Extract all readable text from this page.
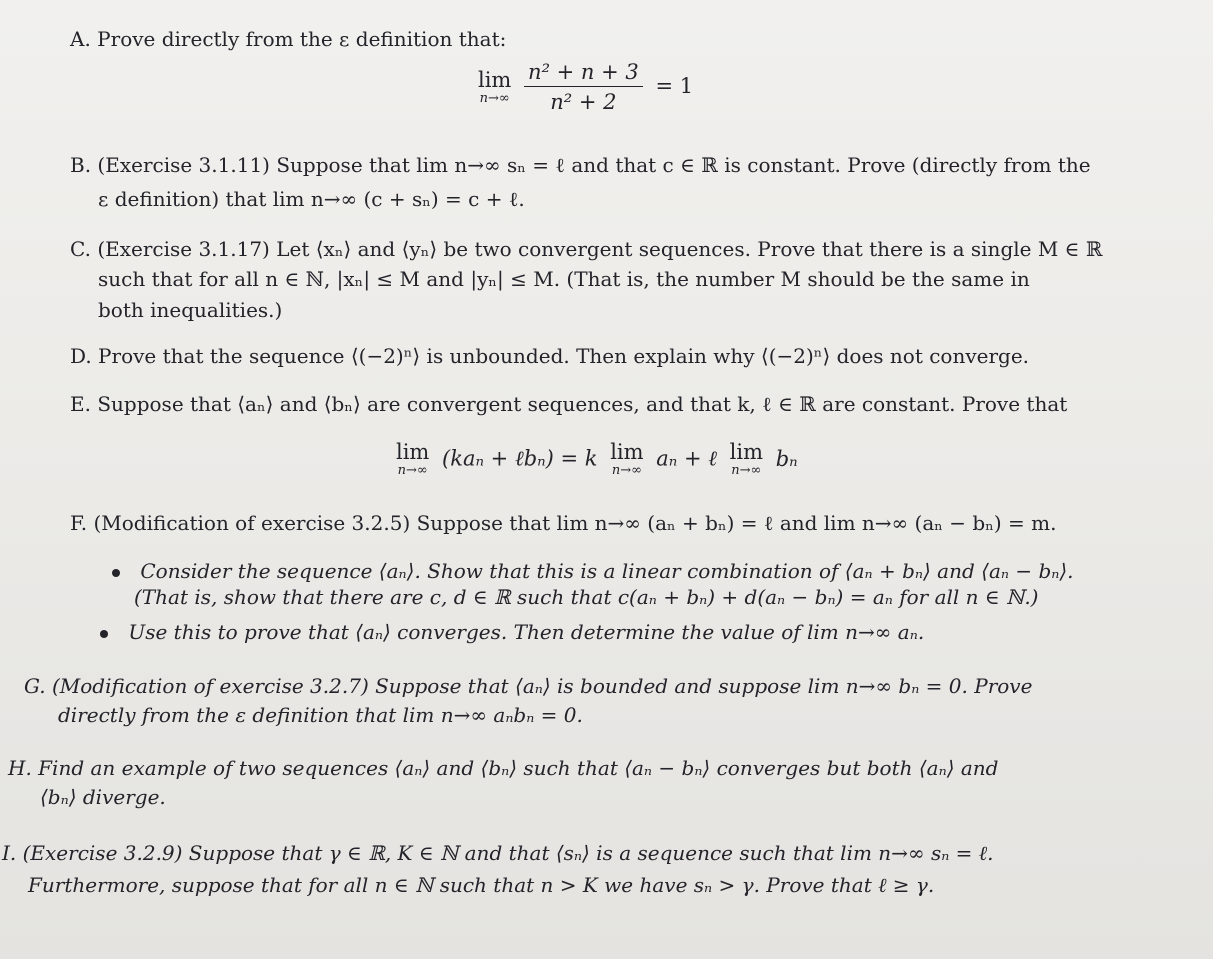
A. Prove directly from the ε definition that:
lim
n→∞
$\frac{\text{n² + n + 3}}{\text{n² + 2}} = 1$
B. (Exercise 3.1.11) Suppose that lim n→∞ sₙ = ℓ and that c ∈ ℝ is constant. Prove (directly from the
ε definition) that lim n→∞ (c + sₙ) = c + ℓ.
C. (Exercise 3.1.17) Let ⟨xₙ⟩ and ⟨yₙ⟩ be two convergent sequences. Prove that there is a single M ∈ ℝ
such that for all n ∈ ℕ, |xₙ| ≤ M and |yₙ| ≤ M. (That is, the number M should be the same in
both inequalities.)
D. Prove that the sequence ⟨(−2)ⁿ⟩ is unbounded. Then explain why ⟨(−2)ⁿ⟩ does not converge.
E. Suppose that ⟨aₙ⟩ and ⟨bₙ⟩ are convergent sequences, and that k, ℓ ∈ ℝ are constant. Prove that
lim
n→∞ (kaₙ + ℓbₙ) = k lim
n→∞ aₙ + ℓ lim
n→∞ bₙ
F. (Modification of exercise 3.2.5) Suppose that lim n→∞ (aₙ + bₙ) = ℓ and lim n→∞ (aₙ − bₙ) = m.
Consider the sequence ⟨aₙ⟩. Show that this is a linear combination of ⟨aₙ + bₙ⟩ and ⟨aₙ − bₙ⟩.
(That is, show that there are c, d ∈ ℝ such that c(aₙ + bₙ) + d(aₙ − bₙ) = aₙ for all n ∈ ℕ.)
Use this to prove that ⟨aₙ⟩ converges. Then determine the value of lim n→∞ aₙ.
G. (Modification of exercise 3.2.7) Suppose that ⟨aₙ⟩ is bounded and suppose lim n→∞ bₙ = 0. Prove
directly from the ε definition that lim n→∞ aₙbₙ = 0.
H. Find an example of two sequences ⟨aₙ⟩ and ⟨bₙ⟩ such that ⟨aₙ − bₙ⟩ converges but both ⟨aₙ⟩ and
⟨bₙ⟩ diverge.
I. (Exercise 3.2.9) Suppose that γ ∈ ℝ, K ∈ ℕ and that ⟨sₙ⟩ is a sequence such that lim n→∞ sₙ = ℓ.
Furthermore, suppose that for all n ∈ ℕ such that n > K we have sₙ > γ. Prove that ℓ ≥ γ.
